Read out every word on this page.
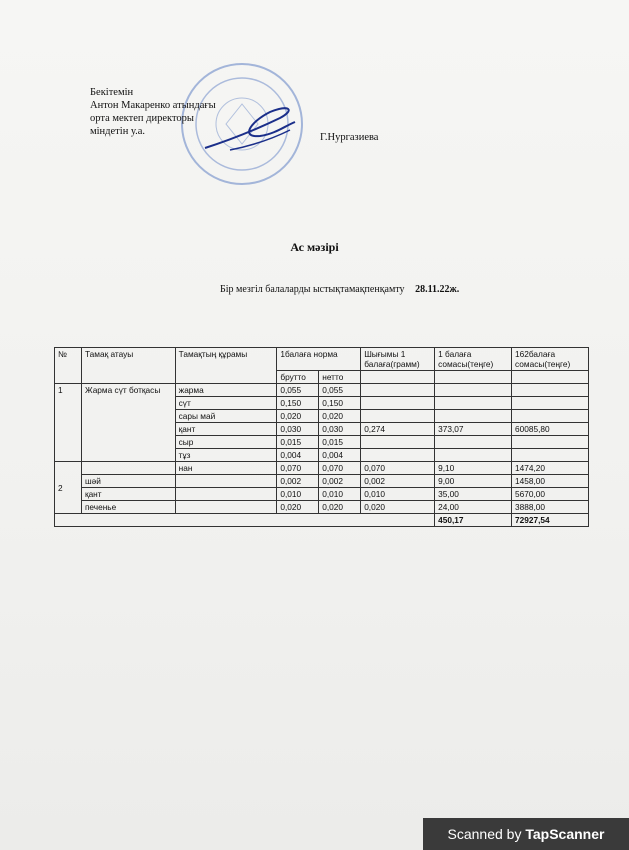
Бекітемін
Антон Макаренко атындағы
орта мектеп директоры
міндетін у.а.
Г.Нургазиева
Ас мәзірі
Бір мезгіл балаларды ыстықтамақпенқамту 28.11.22ж.
№	Тамақ атауы	Тамақтың құрамы	1балаға норма		Шығымы 1 балаға(грамм)	1 балаға сомасы(теңге)	162балаға сомасы(теңге)
			брутто	нетто			
1	Жарма сүт ботқасы	жарма	0,055	0,055			
		сүт	0,150	0,150			
		сары май	0,020	0,020			
		қант	0,030	0,030	0,274	373,07	60085,80
		сыр	0,015	0,015			
		тұз	0,004	0,004			
2		нан	0,070	0,070	0,070	9,10	1474,20
	шәй		0,002	0,002	0,002	9,00	1458,00
	қант		0,010	0,010	0,010	35,00	5670,00
	печенье		0,020	0,020	0,020	24,00	3888,00
						450,17	72927,54
Scanned by TapScanner
